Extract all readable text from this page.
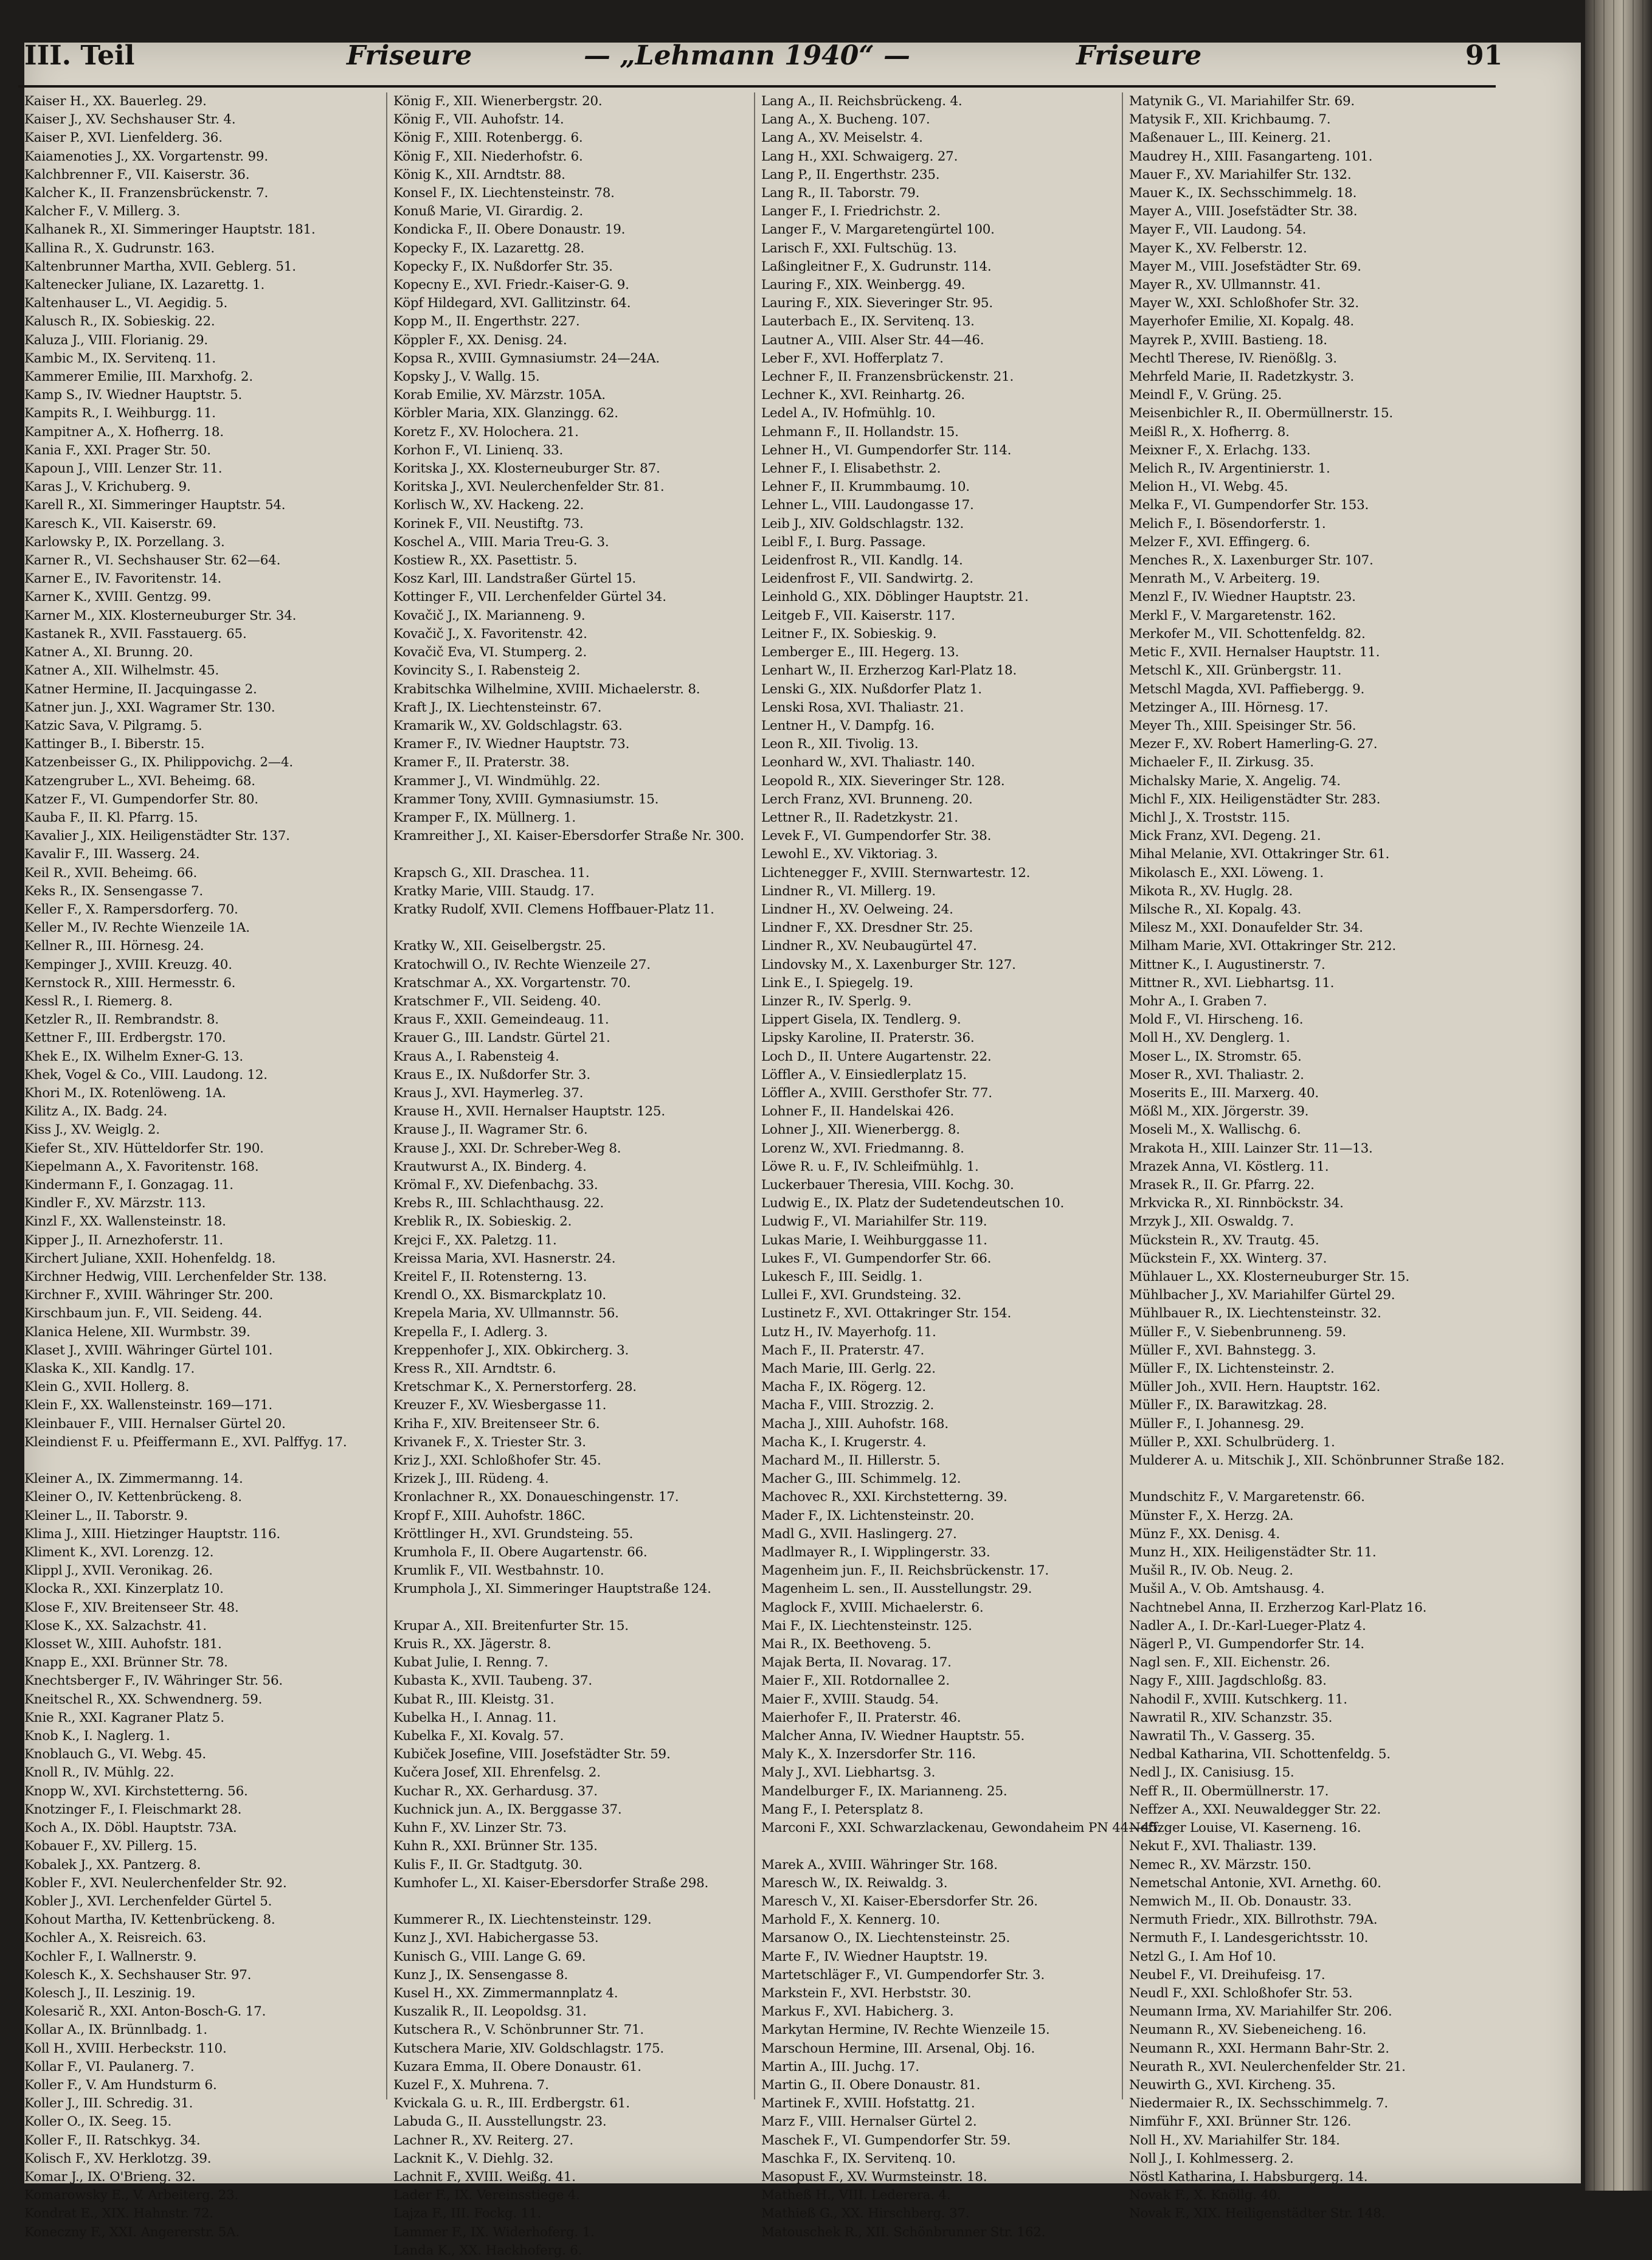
III. Teil	Friseure	— „Lehmann 1940“ —	Friseure	91
Kaiser H., XX. Bauerleg. 29.
Kaiser J., XV. Sechshauser Str. 4.
Kaiser P., XVI. Lienfelderg. 36.
Kaiamenoties J., XX. Vorgartenstr. 99.
Kalchbrenner F., VII. Kaiserstr. 36.
Kalcher K., II. Franzensbrückenstr. 7.
Kalcher F., V. Millerg. 3.
Kalhanek R., XI. Simmeringer Hauptstr. 181.
Kallina R., X. Gudrunstr. 163.
Kaltenbrunner Martha, XVII. Geblerg. 51.
Kaltenecker Juliane, IX. Lazarettg. 1.
Kaltenhauser L., VI. Aegidig. 5.
Kalusch R., IX. Sobieskig. 22.
Kaluza J., VIII. Florianig. 29.
Kambic M., IX. Servitenq. 11.
Kammerer Emilie, III. Marxhofg. 2.
Kamp S., IV. Wiedner Hauptstr. 5.
Kampits R., I. Weihburgg. 11.
Kampitner A., X. Hofherrg. 18.
Kania F., XXI. Prager Str. 50.
Kapoun J., VIII. Lenzer Str. 11.
Karas J., V. Krichuberg. 9.
Karell R., XI. Simmeringer Hauptstr. 54.
Karesch K., VII. Kaiserstr. 69.
Karlowsky P., IX. Porzellang. 3.
Karner R., VI. Sechshauser Str. 62—64.
Karner E., IV. Favoritenstr. 14.
Karner K., XVIII. Gentzg. 99.
Karner M., XIX. Klosterneuburger Str. 34.
Kastanek R., XVII. Fasstauerg. 65.
Katner A., XI. Brunng. 20.
Katner A., XII. Wilhelmstr. 45.
Katner Hermine, II. Jacquingasse 2.
Katner jun. J., XXI. Wagramer Str. 130.
Katzic Sava, V. Pilgramg. 5.
Kattinger B., I. Biberstr. 15.
Katzenbeisser G., IX. Philippovichg. 2—4.
Katzengruber L., XVI. Beheimg. 68.
Katzer F., VI. Gumpendorfer Str. 80.
Kauba F., II. Kl. Pfarrg. 15.
Kavalier J., XIX. Heiligenstädter Str. 137.
Kavalir F., III. Wasserg. 24.
Keil R., XVII. Beheimg. 66.
Keks R., IX. Sensengasse 7.
Keller F., X. Rampersdorferg. 70.
Keller M., IV. Rechte Wienzeile 1A.
Kellner R., III. Hörnesg. 24.
Kempinger J., XVIII. Kreuzg. 40.
Kernstock R., XIII. Hermesstr. 6.
Kessl R., I. Riemerg. 8.
Ketzler R., II. Rembrandstr. 8.
Kettner F., III. Erdbergstr. 170.
Khek E., IX. Wilhelm Exner-G. 13.
Khek, Vogel & Co., VIII. Laudong. 12.
Khori M., IX. Rotenlöweng. 1A.
Kilitz A., IX. Badg. 24.
Kiss J., XV. Weiglg. 2.
Kiefer St., XIV. Hütteldorfer Str. 190.
Kiepelmann A., X. Favoritenstr. 168.
Kindermann F., I. Gonzagag. 11.
Kindler F., XV. Märzstr. 113.
Kinzl F., XX. Wallensteinstr. 18.
Kipper J., II. Arnezhoferstr. 11.
Kirchert Juliane, XXII. Hohenfeldg. 18.
Kirchner Hedwig, VIII. Lerchenfelder Str. 138.
Kirchner F., XVIII. Währinger Str. 200.
Kirschbaum jun. F., VII. Seideng. 44.
Klanica Helene, XII. Wurmbstr. 39.
Klaset J., XVIII. Währinger Gürtel 101.
Klaska K., XII. Kandlg. 17.
Klein G., XVII. Hollerg. 8.
Klein F., XX. Wallensteinstr. 169—171.
Kleinbauer F., VIII. Hernalser Gürtel 20.
Kleindienst F. u. Pfeiffermann E., XVI. Palffyg. 17.

Kleiner A., IX. Zimmermanng. 14.
Kleiner O., IV. Kettenbrückeng. 8.
Kleiner L., II. Taborstr. 9.
Klima J., XIII. Hietzinger Hauptstr. 116.
Kliment K., XVI. Lorenzg. 12.
Klippl J., XVII. Veronikag. 26.
Klocka R., XXI. Kinzerplatz 10.
Klose F., XIV. Breitenseer Str. 48.
Klose K., XX. Salzachstr. 41.
Klosset W., XIII. Auhofstr. 181.
Knapp E., XXI. Brünner Str. 78.
Knechtsberger F., IV. Währinger Str. 56.
Kneitschel R., XX. Schwendnerg. 59.
Knie R., XXI. Kagraner Platz 5.
Knob K., I. Naglerg. 1.
Knoblauch G., VI. Webg. 45.
Knoll R., IV. Mühlg. 22.
Knopp W., XVI. Kirchstetterng. 56.
Knotzinger F., I. Fleischmarkt 28.
Koch A., IX. Döbl. Hauptstr. 73A.
Kobauer F., XV. Pillerg. 15.
Kobalek J., XX. Pantzerg. 8.
Kobler F., XVI. Neulerchenfelder Str. 92.
Kobler J., XVI. Lerchenfelder Gürtel 5.
Kohout Martha, IV. Kettenbrückeng. 8.
Kochler A., X. Reisreich. 63.
Kochler F., I. Wallnerstr. 9.
Kolesch K., X. Sechshauser Str. 97.
Kolesch J., II. Leszinig. 19.
Kolesarič R., XXI. Anton-Bosch-G. 17.
Kollar A., IX. Brünnlbadg. 1.
Koll H., XVIII. Herbeckstr. 110.
Kollar F., VI. Paulanerg. 7.
Koller F., V. Am Hundsturm 6.
Koller J., III. Schredig. 31.
Koller O., IX. Seeg. 15.
Koller F., II. Ratschkyg. 34.
Kolisch F., XV. Herklotzg. 39.
Komar J., IX. O'Brieng. 32.
Komarowsky E., V. Arbeiterg. 23.
Kondrat E., XIX. Hahnstr. 72.
Koneczny F., XXI. Angererstr. 5A.
König F., XII. Wienerbergstr. 20.
König F., VII. Auhofstr. 14.
König F., XIII. Rotenbergg. 6.
König F., XII. Niederhofstr. 6.
König K., XII. Arndtstr. 88.
Konsel F., IX. Liechtensteinstr. 78.
Konuß Marie, VI. Girardig. 2.
Kondicka F., II. Obere Donaustr. 19.
Kopecky F., IX. Lazarettg. 28.
Kopecky F., IX. Nußdorfer Str. 35.
Kopecny E., XVI. Friedr.-Kaiser-G. 9.
Köpf Hildegard, XVI. Gallitzinstr. 64.
Kopp M., II. Engerthstr. 227.
Köppler F., XX. Denisg. 24.
Kopsa R., XVIII. Gymnasiumstr. 24—24A.
Kopsky J., V. Wallg. 15.
Korab Emilie, XV. Märzstr. 105A.
Körbler Maria, XIX. Glanzingg. 62.
Koretz F., XV. Holochera. 21.
Korhon F., VI. Linienq. 33.
Koritska J., XX. Klosterneuburger Str. 87.
Koritska J., XVI. Neulerchenfelder Str. 81.
Korlisch W., XV. Hackeng. 22.
Korinek F., VII. Neustiftg. 73.
Koschel A., VIII. Maria Treu-G. 3.
Kostiew R., XX. Pasettistr. 5.
Kosz Karl, III. Landstraßer Gürtel 15.
Kottinger F., VII. Lerchenfelder Gürtel 34.
Kovačič J., IX. Marianneng. 9.
Kovačič J., X. Favoritenstr. 42.
Kovačič Eva, VI. Stumperg. 2.
Kovincity S., I. Rabensteig 2.
Krabitschka Wilhelmine, XVIII. Michaelerstr. 8.
Kraft J., IX. Liechtensteinstr. 67.
Kramarik W., XV. Goldschlagstr. 63.
Kramer F., IV. Wiedner Hauptstr. 73.
Kramer F., II. Praterstr. 38.
Krammer J., VI. Windmühlg. 22.
Krammer Tony, XVIII. Gymnasiumstr. 15.
Kramper F., IX. Müllnerg. 1.
Kramreither J., XI. Kaiser-Ebersdorfer Straße Nr. 300.

Krapsch G., XII. Draschea. 11.
Kratky Marie, VIII. Staudg. 17.
Kratky Rudolf, XVII. Clemens Hoffbauer-Platz 11.

Kratky W., XII. Geiselbergstr. 25.
Kratochwill O., IV. Rechte Wienzeile 27.
Kratschmar A., XX. Vorgartenstr. 70.
Kratschmer F., VII. Seideng. 40.
Kraus F., XXII. Gemeindeaug. 11.
Krauer G., III. Landstr. Gürtel 21.
Kraus A., I. Rabensteig 4.
Kraus E., IX. Nußdorfer Str. 3.
Kraus J., XVI. Haymerleg. 37.
Krause H., XVII. Hernalser Hauptstr. 125.
Krause J., II. Wagramer Str. 6.
Krause J., XXI. Dr. Schreber-Weg 8.
Krautwurst A., IX. Binderg. 4.
Krömal F., XV. Diefenbachg. 33.
Krebs R., III. Schlachthausg. 22.
Kreblik R., IX. Sobieskig. 2.
Krejci F., XX. Paletzg. 11.
Kreissa Maria, XVI. Hasnerstr. 24.
Kreitel F., II. Rotensterng. 13.
Krendl O., XX. Bismarckplatz 10.
Krepela Maria, XV. Ullmannstr. 56.
Krepella F., I. Adlerg. 3.
Kreppenhofer J., XIX. Obkircherg. 3.
Kress R., XII. Arndtstr. 6.
Kretschmar K., X. Pernerstorferg. 28.
Kreuzer F., XV. Wiesbergasse 11.
Kriha F., XIV. Breitenseer Str. 6.
Krivanek F., X. Triester Str. 3.
Kriz J., XXI. Schloßhofer Str. 45.
Krizek J., III. Rüdeng. 4.
Kronlachner R., XX. Donaueschingenstr. 17.
Kropf F., XIII. Auhofstr. 186C.
Kröttlinger H., XVI. Grundsteing. 55.
Krumhola F., II. Obere Augartenstr. 66.
Krumlik F., VII. Westbahnstr. 10.
Krumphola J., XI. Simmeringer Hauptstraße 124.

Krupar A., XII. Breitenfurter Str. 15.
Kruis R., XX. Jägerstr. 8.
Kubat Julie, I. Renng. 7.
Kubasta K., XVII. Taubeng. 37.
Kubat R., III. Kleistg. 31.
Kubelka H., I. Annag. 11.
Kubelka F., XI. Kovalg. 57.
Kubiček Josefine, VIII. Josefstädter Str. 59.
Kučera Josef, XII. Ehrenfelsg. 2.
Kuchar R., XX. Gerhardusg. 37.
Kuchnick jun. A., IX. Berggasse 37.
Kuhn F., XV. Linzer Str. 73.
Kuhn R., XXI. Brünner Str. 135.
Kulis F., II. Gr. Stadtgutg. 30.
Kumhofer L., XI. Kaiser-Ebersdorfer Straße 298.

Kummerer R., IX. Liechtensteinstr. 129.
Kunz J., XVI. Habichergasse 53.
Kunisch G., VIII. Lange G. 69.
Kunz J., IX. Sensengasse 8.
Kusel H., XX. Zimmermannplatz 4.
Kuszalik R., II. Leopoldsg. 31.
Kutschera R., V. Schönbrunner Str. 71.
Kutschera Marie, XIV. Goldschlagstr. 175.
Kuzara Emma, II. Obere Donaustr. 61.
Kuzel F., X. Muhrena. 7.
Kvickala G. u. R., III. Erdbergstr. 61.
Labuda G., II. Ausstellungstr. 23.
Lachner R., XV. Reiterg. 27.
Lacknit K., V. Diehlg. 32.
Lachnit F., XVIII. Weißg. 41.
Lader F., IX. Vereinsstiege 4.
Lajza F., III. Fockg. 11.
Lammer F., IX. Widerhoferg. 1.
Landa K., XX. Hackhoferg. 6.
Lang A., II. Reichsbrückeng. 4.
Lang A., X. Bucheng. 107.
Lang A., XV. Meiselstr. 4.
Lang H., XXI. Schwaigerg. 27.
Lang P., II. Engerthstr. 235.
Lang R., II. Taborstr. 79.
Langer F., I. Friedrichstr. 2.
Langer F., V. Margaretengürtel 100.
Larisch F., XXI. Fultschüg. 13.
Laßingleitner F., X. Gudrunstr. 114.
Lauring F., XIX. Weinbergg. 49.
Lauring F., XIX. Sieveringer Str. 95.
Lauterbach E., IX. Servitenq. 13.
Lautner A., VIII. Alser Str. 44—46.
Leber F., XVI. Hofferplatz 7.
Lechner F., II. Franzensbrückenstr. 21.
Lechner K., XVI. Reinhartg. 26.
Ledel A., IV. Hofmühlg. 10.
Lehmann F., II. Hollandstr. 15.
Lehner H., VI. Gumpendorfer Str. 114.
Lehner F., I. Elisabethstr. 2.
Lehner F., II. Krummbaumg. 10.
Lehner L., VIII. Laudongasse 17.
Leib J., XIV. Goldschlagstr. 132.
Leibl F., I. Burg. Passage.
Leidenfrost R., VII. Kandlg. 14.
Leidenfrost F., VII. Sandwirtg. 2.
Leinhold G., XIX. Döblinger Hauptstr. 21.
Leitgeb F., VII. Kaiserstr. 117.
Leitner F., IX. Sobieskig. 9.
Lemberger E., III. Hegerg. 13.
Lenhart W., II. Erzherzog Karl-Platz 18.
Lenski G., XIX. Nußdorfer Platz 1.
Lenski Rosa, XVI. Thaliastr. 21.
Lentner H., V. Dampfg. 16.
Leon R., XII. Tivolig. 13.
Leonhard W., XVI. Thaliastr. 140.
Leopold R., XIX. Sieveringer Str. 128.
Lerch Franz, XVI. Brunneng. 20.
Lettner R., II. Radetzkystr. 21.
Levek F., VI. Gumpendorfer Str. 38.
Lewohl E., XV. Viktoriag. 3.
Lichtenegger F., XVIII. Sternwartestr. 12.
Lindner R., VI. Millerg. 19.
Lindner H., XV. Oelweing. 24.
Lindner F., XX. Dresdner Str. 25.
Lindner R., XV. Neubaugürtel 47.
Lindovsky M., X. Laxenburger Str. 127.
Link E., I. Spiegelg. 19.
Linzer R., IV. Sperlg. 9.
Lippert Gisela, IX. Tendlerg. 9.
Lipsky Karoline, II. Praterstr. 36.
Loch D., II. Untere Augartenstr. 22.
Löffler A., V. Einsiedlerplatz 15.
Löffler A., XVIII. Gersthofer Str. 77.
Lohner F., II. Handelskai 426.
Lohner J., XII. Wienerbergg. 8.
Lorenz W., XVI. Friedmanng. 8.
Löwe R. u. F., IV. Schleifmühlg. 1.
Luckerbauer Theresia, VIII. Kochg. 30.
Ludwig E., IX. Platz der Sudetendeutschen 10.
Ludwig F., VI. Mariahilfer Str. 119.
Lukas Marie, I. Weihburggasse 11.
Lukes F., VI. Gumpendorfer Str. 66.
Lukesch F., III. Seidlg. 1.
Lullei F., XVI. Grundsteing. 32.
Lustinetz F., XVI. Ottakringer Str. 154.
Lutz H., IV. Mayerhofg. 11.
Mach F., II. Praterstr. 47.
Mach Marie, III. Gerlg. 22.
Macha F., IX. Rögerg. 12.
Macha F., VIII. Strozzig. 2.
Macha J., XIII. Auhofstr. 168.
Macha K., I. Krugerstr. 4.
Machard M., II. Hillerstr. 5.
Macher G., III. Schimmelg. 12.
Machovec R., XXI. Kirchstetterng. 39.
Mader F., IX. Lichtensteinstr. 20.
Madl G., XVII. Haslingerg. 27.
Madlmayer R., I. Wipplingerstr. 33.
Magenheim jun. F., II. Reichsbrückenstr. 17.
Magenheim L. sen., II. Ausstellungstr. 29.
Maglock F., XVIII. Michaelerstr. 6.
Mai F., IX. Liechtensteinstr. 125.
Mai R., IX. Beethoveng. 5.
Majak Berta, II. Novarag. 17.
Maier F., XII. Rotdornallee 2.
Maier F., XVIII. Staudg. 54.
Maierhofer F., II. Praterstr. 46.
Malcher Anna, IV. Wiedner Hauptstr. 55.
Maly K., X. Inzersdorfer Str. 116.
Maly J., XVI. Liebhartsg. 3.
Mandelburger F., IX. Marianneng. 25.
Mang F., I. Petersplatz 8.
Marconi F., XXI. Schwarzlackenau, Gewondaheim PN 44—45.

Marek A., XVIII. Währinger Str. 168.
Maresch W., IX. Reiwaldg. 3.
Maresch V., XI. Kaiser-Ebersdorfer Str. 26.
Marhold F., X. Kennerg. 10.
Marsanow O., IX. Liechtensteinstr. 25.
Marte F., IV. Wiedner Hauptstr. 19.
Martetschläger F., VI. Gumpendorfer Str. 3.
Markstein F., XVI. Herbststr. 30.
Markus F., XVI. Habicherg. 3.
Markytan Hermine, IV. Rechte Wienzeile 15.
Marschoun Hermine, III. Arsenal, Obj. 16.
Martin A., III. Juchg. 17.
Martin G., II. Obere Donaustr. 81.
Martinek F., XVIII. Hofstattg. 21.
Marz F., VIII. Hernalser Gürtel 2.
Maschek F., VI. Gumpendorfer Str. 59.
Maschka F., IX. Servitenq. 10.
Masopust F., XV. Wurmsteinstr. 18.
Matheß H., VIII. Lederera. 4.
Mathieß G., XX. Hirschberg. 37.
Matouschek R., XII. Schönbrunner Str. 162.
Matynik G., VI. Mariahilfer Str. 69.
Matysik F., XII. Krichbaumg. 7.
Maßenauer L., III. Keinerg. 21.
Maudrey H., XIII. Fasangarteng. 101.
Mauer F., XV. Mariahilfer Str. 132.
Mauer K., IX. Sechsschimmelg. 18.
Mayer A., VIII. Josefstädter Str. 38.
Mayer F., VII. Laudong. 54.
Mayer K., XV. Felberstr. 12.
Mayer M., VIII. Josefstädter Str. 69.
Mayer R., XV. Ullmannstr. 41.
Mayer W., XXI. Schloßhofer Str. 32.
Mayerhofer Emilie, XI. Kopalg. 48.
Mayrek P., XVIII. Bastieng. 18.
Mechtl Therese, IV. Rienößlg. 3.
Mehrfeld Marie, II. Radetzkystr. 3.
Meindl F., V. Grüng. 25.
Meisenbichler R., II. Obermüllnerstr. 15.
Meißl R., X. Hofherrg. 8.
Meixner F., X. Erlachg. 133.
Melich R., IV. Argentinierstr. 1.
Melion H., VI. Webg. 45.
Melka F., VI. Gumpendorfer Str. 153.
Melich F., I. Bösendorferstr. 1.
Melzer F., XVI. Effingerg. 6.
Menches R., X. Laxenburger Str. 107.
Menrath M., V. Arbeiterg. 19.
Menzl F., IV. Wiedner Hauptstr. 23.
Merkl F., V. Margaretenstr. 162.
Merkofer M., VII. Schottenfeldg. 82.
Metic F., XVII. Hernalser Hauptstr. 11.
Metschl K., XII. Grünbergstr. 11.
Metschl Magda, XVI. Paffiebergg. 9.
Metzinger A., III. Hörnesg. 17.
Meyer Th., XIII. Speisinger Str. 56.
Mezer F., XV. Robert Hamerling-G. 27.
Michaeler F., II. Zirkusg. 35.
Michalsky Marie, X. Angelig. 74.
Michl F., XIX. Heiligenstädter Str. 283.
Michl J., X. Troststr. 115.
Mick Franz, XVI. Degeng. 21.
Mihal Melanie, XVI. Ottakringer Str. 61.
Mikolasch E., XXI. Löweng. 1.
Mikota R., XV. Huglg. 28.
Milsche R., XI. Kopalg. 43.
Milesz M., XXI. Donaufelder Str. 34.
Milham Marie, XVI. Ottakringer Str. 212.
Mittner K., I. Augustinerstr. 7.
Mittner R., XVI. Liebhartsg. 11.
Mohr A., I. Graben 7.
Mold F., VI. Hirscheng. 16.
Moll H., XV. Denglerg. 1.
Moser L., IX. Stromstr. 65.
Moser R., XVI. Thaliastr. 2.
Moserits E., III. Marxerg. 40.
Mößl M., XIX. Jörgerstr. 39.
Moseli M., X. Wallischg. 6.
Mrakota H., XIII. Lainzer Str. 11—13.
Mrazek Anna, VI. Köstlerg. 11.
Mrasek R., II. Gr. Pfarrg. 22.
Mrkvicka R., XI. Rinnböckstr. 34.
Mrzyk J., XII. Oswaldg. 7.
Mückstein R., XV. Trautg. 45.
Mückstein F., XX. Winterg. 37.
Mühlauer L., XX. Klosterneuburger Str. 15.
Mühlbacher J., XV. Mariahilfer Gürtel 29.
Mühlbauer R., IX. Liechtensteinstr. 32.
Müller F., V. Siebenbrunneng. 59.
Müller F., XVI. Bahnstegg. 3.
Müller F., IX. Lichtensteinstr. 2.
Müller Joh., XVII. Hern. Hauptstr. 162.
Müller F., IX. Barawitzkag. 28.
Müller F., I. Johannesg. 29.
Müller P., XXI. Schulbrüderg. 1.
Mulderer A. u. Mitschik J., XII. Schönbrunner Straße 182.

Mundschitz F., V. Margaretenstr. 66.
Münster F., X. Herzg. 2A.
Münz F., XX. Denisg. 4.
Munz H., XIX. Heiligenstädter Str. 11.
Mušil R., IV. Ob. Neug. 2.
Mušil A., V. Ob. Amtshausg. 4.
Nachtnebel Anna, II. Erzherzog Karl-Platz 16.
Nadler A., I. Dr.-Karl-Lueger-Platz 4.
Nägerl P., VI. Gumpendorfer Str. 14.
Nagl sen. F., XII. Eichenstr. 26.
Nagy F., XIII. Jagdschloßg. 83.
Nahodil F., XVIII. Kutschkerg. 11.
Nawratil R., XIV. Schanzstr. 35.
Nawratil Th., V. Gasserg. 35.
Nedbal Katharina, VII. Schottenfeldg. 5.
Nedl J., IX. Canisiusg. 15.
Neff R., II. Obermüllnerstr. 17.
Neffzer A., XXI. Neuwaldegger Str. 22.
Neffzger Louise, VI. Kaserneng. 16.
Nekut F., XVI. Thaliastr. 139.
Nemec R., XV. Märzstr. 150.
Nemetschal Antonie, XVI. Arnethg. 60.
Nemwich M., II. Ob. Donaustr. 33.
Nermuth Friedr., XIX. Billrothstr. 79A.
Nermuth F., I. Landesgerichtsstr. 10.
Netzl G., I. Am Hof 10.
Neubel F., VI. Dreihufeisg. 17.
Neudl F., XXI. Schloßhofer Str. 53.
Neumann Irma, XV. Mariahilfer Str. 206.
Neumann R., XV. Siebeneicheng. 16.
Neumann R., XXI. Hermann Bahr-Str. 2.
Neurath R., XVI. Neulerchenfelder Str. 21.
Neuwirth G., XVI. Kircheng. 35.
Niedermaier R., IX. Sechsschimmelg. 7.
Nimführ F., XXI. Brünner Str. 126.
Noll H., XV. Mariahilfer Str. 184.
Noll J., I. Kohlmesserg. 2.
Nöstl Katharina, I. Habsburgerg. 14.
Novak F., X. Knöllg. 40.
Novak F., XIX. Heiligenstädter Str. 148.
